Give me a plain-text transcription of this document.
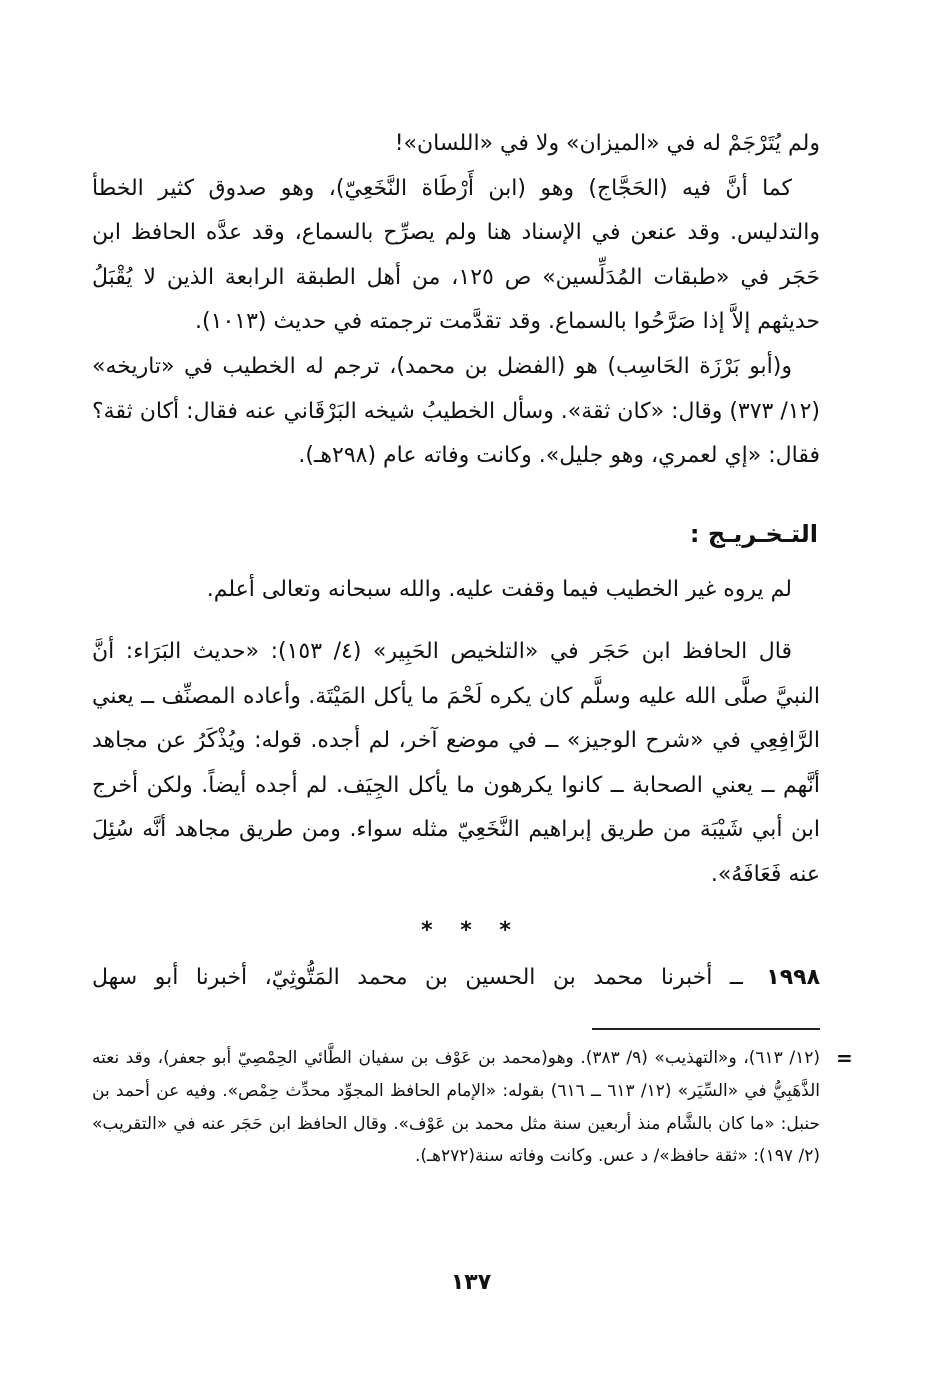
ولم يُتَرْجَمْ له في «الميزان» ولا في «اللسان»!

كما أنَّ فيه (الحَجَّاج) وهو (ابن أَرْطَاة النَّخَعِيّ)، وهو صدوق كثير الخطأ والتدليس. وقد عنعن في الإسناد هنا ولم يصرِّح بالسماع، وقد عدَّه الحافظ ابن حَجَر في «طبقات المُدَلِّسين» ص ١٢٥، من أهل الطبقة الرابعة الذين لا يُقْبَلُ حديثهم إلاَّ إذا صَرَّحُوا بالسماع. وقد تقدَّمت ترجمته في حديث (١٠١٣).

و(أبو بَرْزَة الحَاسِب) هو (الفضل بن محمد)، ترجم له الخطيب في «تاريخه» (١٢/ ٣٧٣) وقال: «كان ثقة». وسأل الخطيبُ شيخه البَرْقَاني عنه فقال: أكان ثقة؟ فقال: «إي لعمري، وهو جليل». وكانت وفاته عام (٢٩٨هـ).

التـخـريـج :

لم يروه غير الخطيب فيما وقفت عليه. والله سبحانه وتعالى أعلم.

قال الحافظ ابن حَجَر في «التلخيص الحَبِير» (٤/ ١٥٣): «حديث البَرَاء: أنَّ النبيَّ صلَّى الله عليه وسلَّم كان يكره لَحْمَ ما يأكل المَيْتَة. وأعاده المصنِّف ــ يعني الرَّافِعِي في «شرح الوجيز» ــ في موضع آخر، لم أجده. قوله: ويُذْكَرُ عن مجاهد أنَّهم ــ يعني الصحابة ــ كانوا يكرهون ما يأكل الجِيَف. لم أجده أيضاً. ولكن أخرج ابن أبي شَيْبَة من طريق إبراهيم النَّخَعِيّ مثله سواء. ومن طريق مجاهد أنَّه سُئِلَ عنه فَعَافَهُ».

* * *
١٩٩٨ ــ أخبرنا محمد بن الحسين بن محمد المَتُّوثِيّ، أخبرنا أبو سهل
=

(١٢/ ٦١٣)، و«التهذيب» (٩/ ٣٨٣). وهو(محمد بن عَوْف بن سفيان الطَّائي الحِمْصِيّ أبو جعفر)، وقد نعته الذَّهَبِيُّ في «السِّيَر» (١٢/ ٦١٣ ــ ٦١٦) بقوله: «الإمام الحافظ المجوِّد محدِّث حِمْص». وفيه عن أحمد بن حنبل: «ما كان بالشَّام منذ أربعين سنة مثل محمد بن عَوْف». وقال الحافظ ابن حَجَر عنه في «التقريب» (٢/ ١٩٧): «ثقة حافظ»/ د عس. وكانت وفاته سنة(٢٧٢هـ).

١٣٧
